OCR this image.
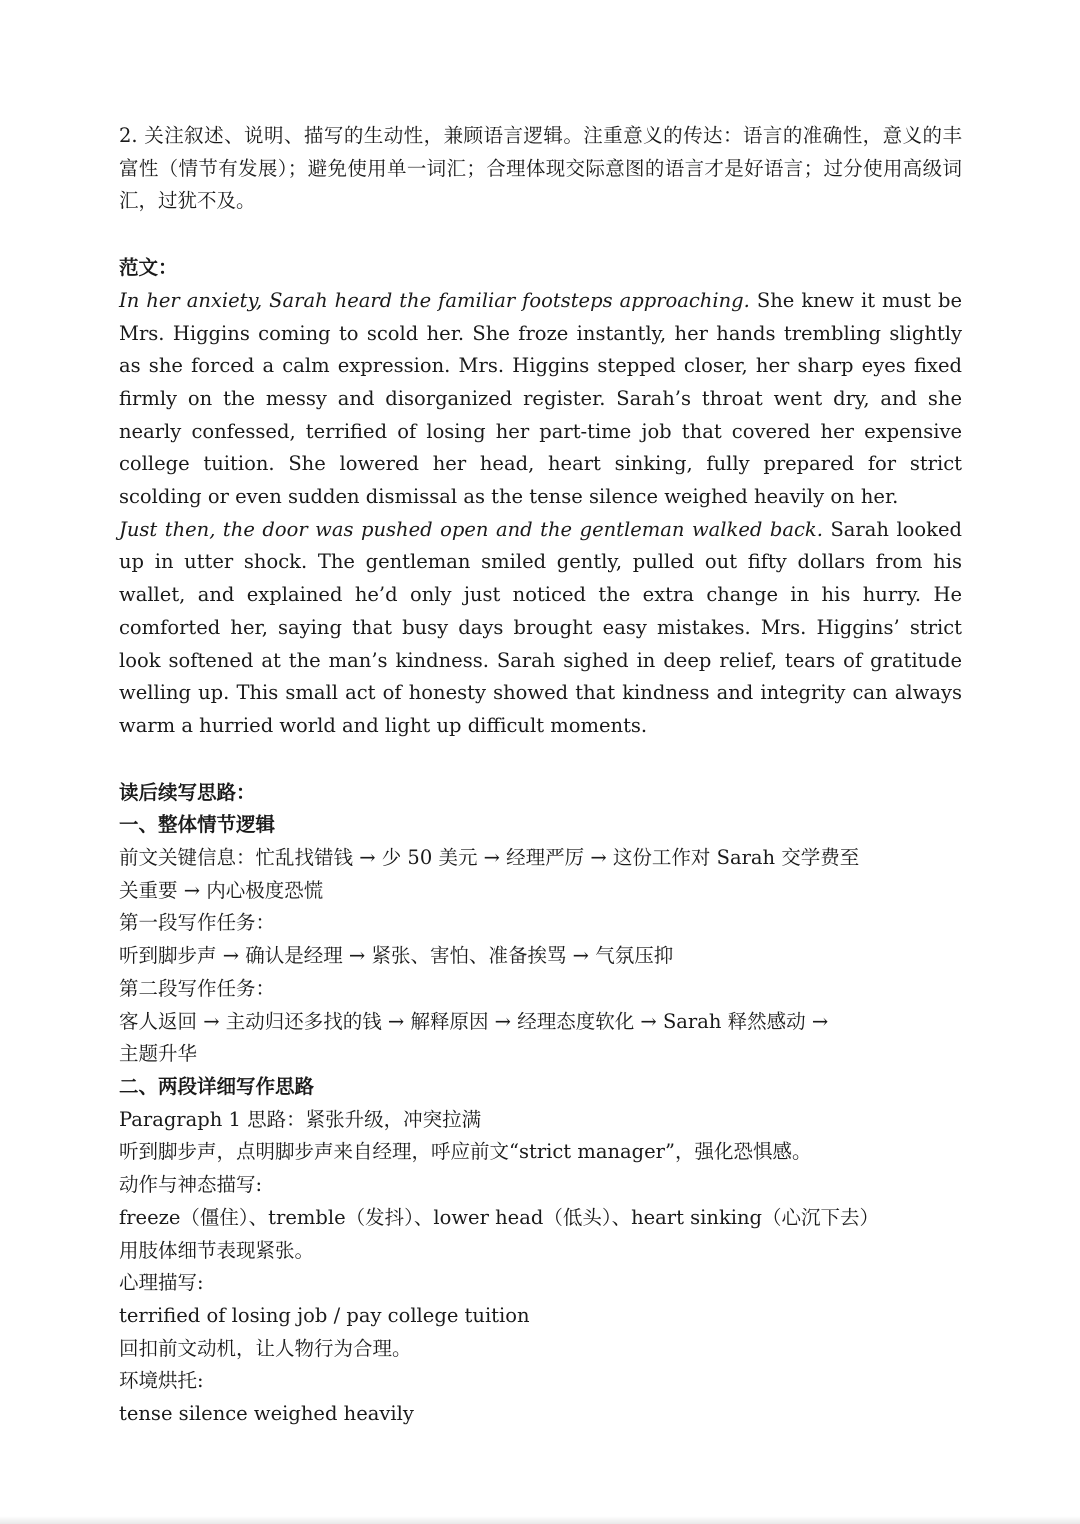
2. 关注叙述、说明、描写的生动性，兼顾语言逻辑。注重意义的传达：语言的准确性，意义的丰富性（情节有发展）；避免使用单一词汇；合理体现交际意图的语言才是好语言；过分使用高级词汇，过犹不及。

范文：

In her anxiety, Sarah heard the familiar footsteps approaching. She knew it must be Mrs. Higgins coming to scold her. She froze instantly, her hands trembling slightly as she forced a calm expression. Mrs. Higgins stepped closer, her sharp eyes fixed firmly on the messy and disorganized register. Sarah’s throat went dry, and she nearly confessed, terrified of losing her part-time job that covered her expensive college tuition. She lowered her head, heart sinking, fully prepared for strict scolding or even sudden dismissal as the tense silence weighed heavily on her.

Just then, the door was pushed open and the gentleman walked back. Sarah looked up in utter shock. The gentleman smiled gently, pulled out fifty dollars from his wallet, and explained he’d only just noticed the extra change in his hurry. He comforted her, saying that busy days brought easy mistakes. Mrs. Higgins’ strict look softened at the man’s kindness. Sarah sighed in deep relief, tears of gratitude welling up. This small act of honesty showed that kindness and integrity can always warm a hurried world and light up difficult moments.

读后续写思路：

一、整体情节逻辑

前文关键信息：忙乱找错钱 → 少 50 美元 → 经理严厉 → 这份工作对 Sarah 交学费至

关重要 → 内心极度恐慌

第一段写作任务：

听到脚步声 → 确认是经理 → 紧张、害怕、准备挨骂 → 气氛压抑

第二段写作任务：

客人返回 → 主动归还多找的钱 → 解释原因 → 经理态度软化 → Sarah 释然感动 →

主题升华

二、两段详细写作思路

Paragraph 1 思路：紧张升级，冲突拉满

听到脚步声，点明脚步声来自经理，呼应前文“strict manager”，强化恐惧感。

动作与神态描写:

freeze（僵住）、tremble（发抖）、lower head（低头）、heart sinking（心沉下去）

用肢体细节表现紧张。

心理描写:

terrified of losing job / pay college tuition

回扣前文动机，让人物行为合理。

环境烘托:

tense silence weighed heavily
